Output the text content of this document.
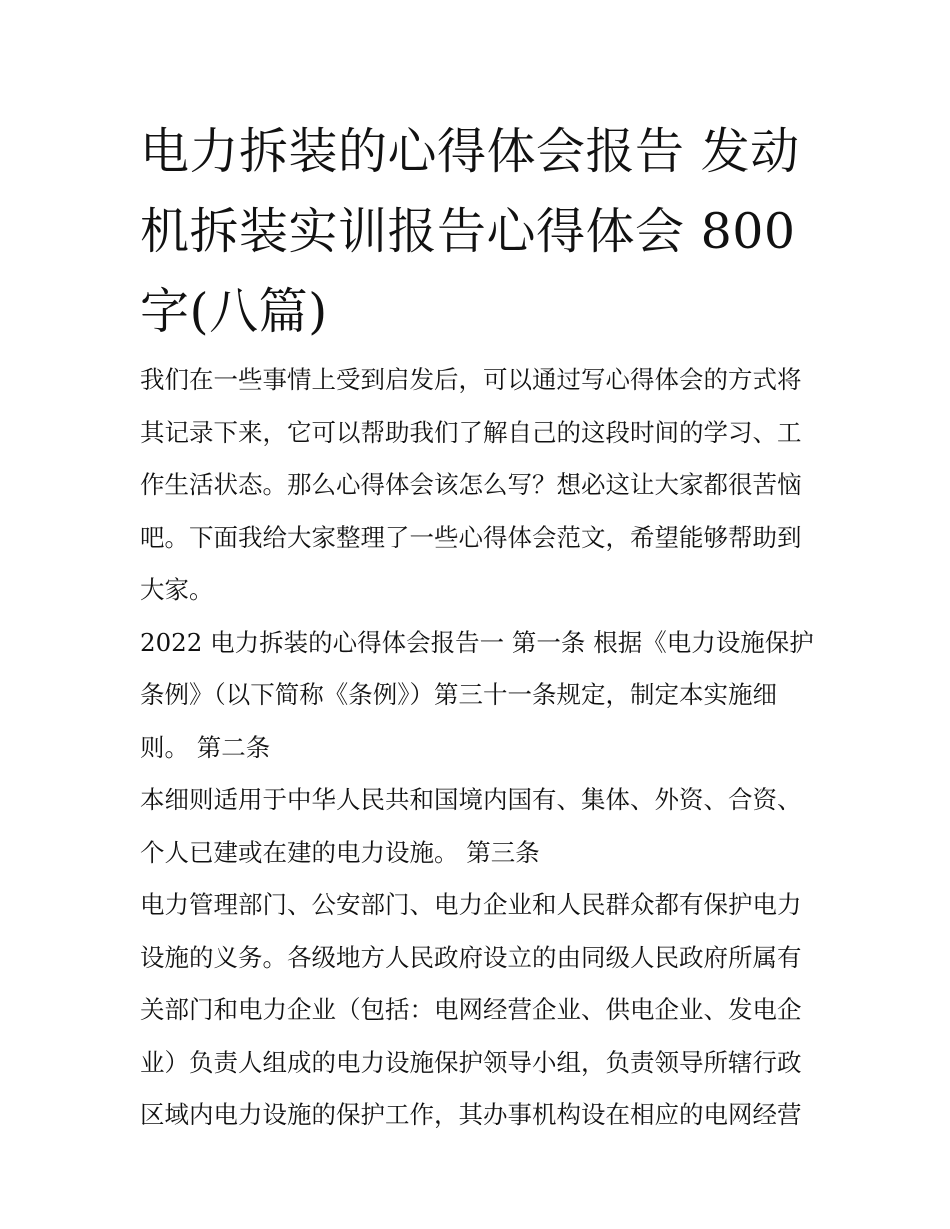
电力拆装的心得体会报告 发动
机拆装实训报告心得体会 800
字(八篇)
我们在一些事情上受到启发后，可以通过写心得体会的方式将
其记录下来，它可以帮助我们了解自己的这段时间的学习、工
作生活状态。那么心得体会该怎么写？想必这让大家都很苦恼
吧。下面我给大家整理了一些心得体会范文，希望能够帮助到
大家。
2022 电力拆装的心得体会报告一 第一条 根据《电力设施保护
条例》（以下简称《条例》）第三十一条规定，制定本实施细
则。 第二条
本细则适用于中华人民共和国境内国有、集体、外资、合资、
个人已建或在建的电力设施。 第三条
电力管理部门、公安部门、电力企业和人民群众都有保护电力
设施的义务。各级地方人民政府设立的由同级人民政府所属有
关部门和电力企业（包括：电网经营企业、供电企业、发电企
业）负责人组成的电力设施保护领导小组，负责领导所辖行政
区域内电力设施的保护工作，其办事机构设在相应的电网经营
